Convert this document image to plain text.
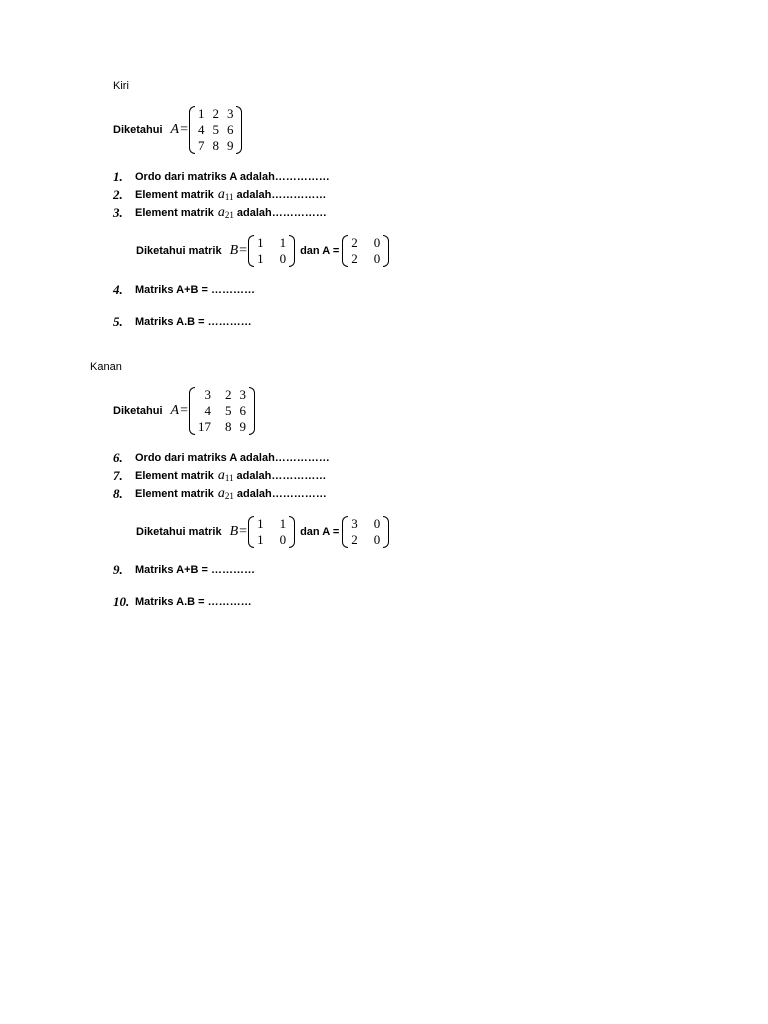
Kiri
Diketahui A =
1	2	3
4	5	6
7	8	9
1.	Ordo dari matriks A adalah……………
2.	Element matrik $a_{11}$ adalah……………
3.	Element matrik $a_{21}$ adalah……………
Diketahui matrik B =
1	1
1	0 dan A =
2	0
2	0
4.	Matriks A+B = …………
5.	Matriks A.B = …………
Kanan
Diketahui A =
3	2	3
4	5	6
17	8	9
6.	Ordo dari matriks A adalah……………
7.	Element matrik $a_{11}$ adalah……………
8.	Element matrik $a_{21}$ adalah……………
Diketahui matrik B =
1	1
1	0 dan A =
3	0
2	0
9.	Matriks A+B = …………
10. Matriks A.B = …………
